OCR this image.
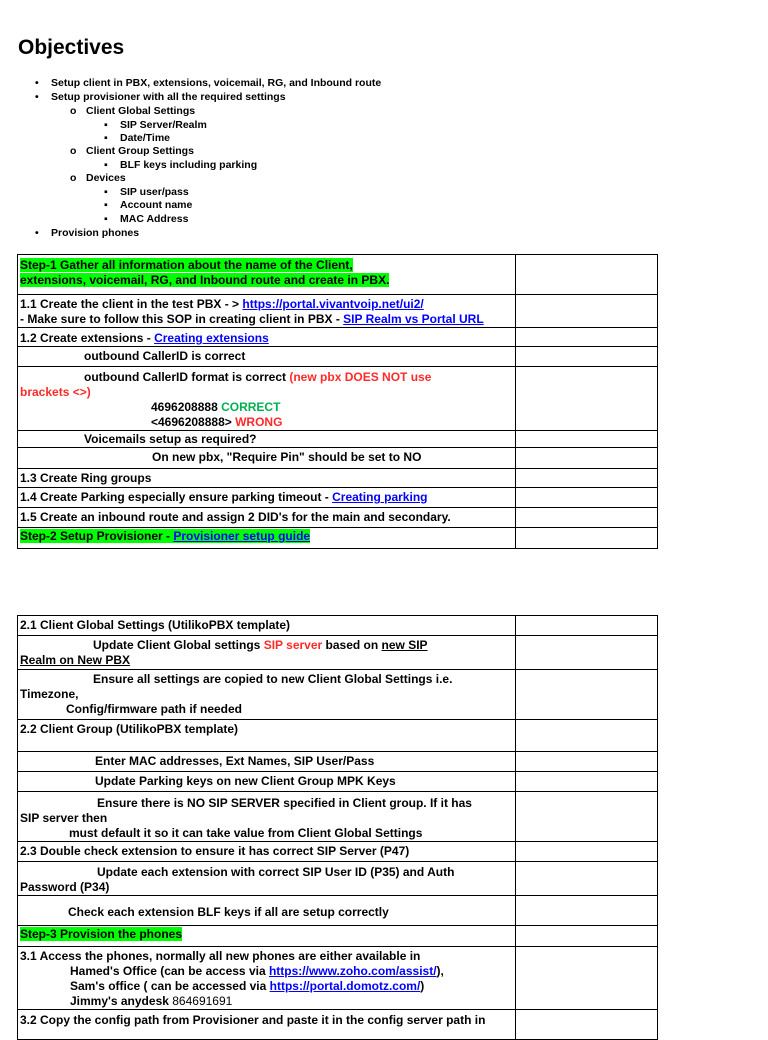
Objectives
• Setup client in PBX, extensions, voicemail, RG, and Inbound route
• Setup provisioner with all the required settings
o Client Global Settings
▪ SIP Server/Realm
▪ Date/Time
o Client Group Settings
▪ BLF keys including parking
o Devices
▪ SIP user/pass
▪ Account name
▪ MAC Address
• Provision phones
Step-1 Gather all information about the name of the Client,
extensions, voicemail, RG, and Inbound route and create in PBX.	
1.1 Create the client in the test PBX - > https://portal.vivantvoip.net/ui2/
- Make sure to follow this SOP in creating client in PBX - SIP Realm vs Portal URL	
1.2 Create extensions - Creating extensions	
outbound CallerID is correct	

outbound CallerID format is correct (new pbx DOES NOT use
brackets <>)
4696208888 CORRECT
<4696208888> WRONG	

Voicemails setup as required?	
On new pbx, "Require Pin" should be set to NO	
1.3 Create Ring groups	
1.4 Create Parking especially ensure parking timeout - Creating parking	
1.5 Create an inbound route and assign 2 DID's for the main and secondary.	
Step-2 Setup Provisioner - Provisioner setup guide	
2.1 Client Global Settings (UtilikoPBX template)	

Update Client Global settings SIP server based on new SIP
Realm on New PBX	

Ensure all settings are copied to new Client Global Settings i.e.
Timezone,
Config/firmware path if needed	

2.2 Client Group (UtilikoPBX template)	
Enter MAC addresses, Ext Names, SIP User/Pass	
Update Parking keys on new Client Group MPK Keys	

Ensure there is NO SIP SERVER specified in Client group. If it has
SIP server then
must default it so it can take value from Client Global Settings	

2.3 Double check extension to ensure it has correct SIP Server (P47)	

Update each extension with correct SIP User ID (P35) and Auth
Password (P34)	

Check each extension BLF keys if all are setup correctly	
Step-3 Provision the phones	

3.1 Access the phones, normally all new phones are either available in
Hamed's Office (can be access via https://www.zoho.com/assist/),
Sam's office ( can be accessed via https://portal.domotz.com/)
Jimmy's anydesk 864691691	

3.2 Copy the config path from Provisioner and paste it in the config server path in	
